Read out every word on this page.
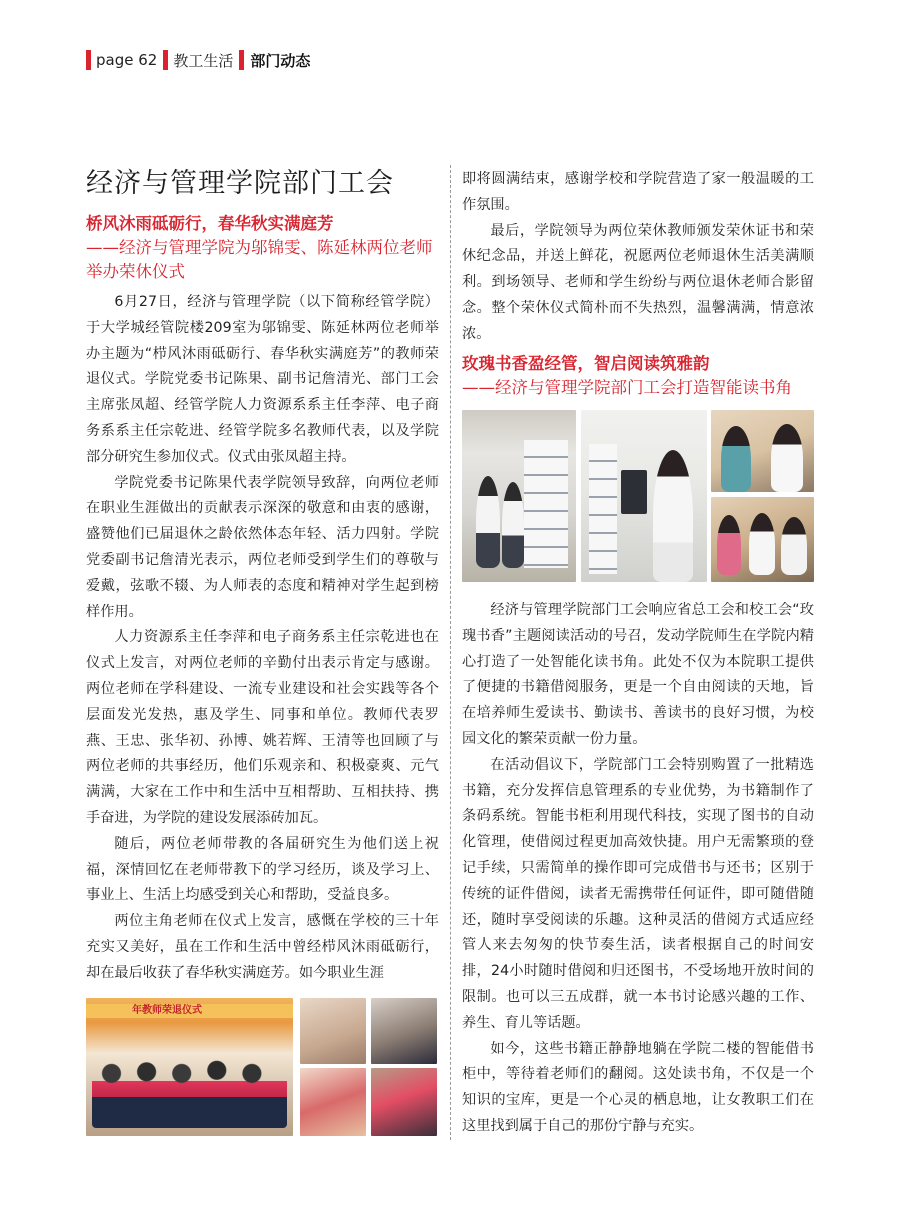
page 62 教工生活 部门动态
经济与管理学院部门工会
桥风沐雨砥砺行，春华秋实满庭芳
——经济与管理学院为邬锦雯、陈延林两位老师举办荣休仪式

6月27日，经济与管理学院（以下简称经管学院）于大学城经管院楼209室为邬锦雯、陈延林两位老师举办主题为“栉风沐雨砥砺行、春华秋实满庭芳”的教师荣退仪式。学院党委书记陈果、副书记詹清光、部门工会主席张凤超、经管学院人力资源系系主任李萍、电子商务系系主任宗乾进、经管学院多名教师代表，以及学院部分研究生参加仪式。仪式由张凤超主持。

学院党委书记陈果代表学院领导致辞，向两位老师在职业生涯做出的贡献表示深深的敬意和由衷的感谢，盛赞他们已届退休之龄依然体态年轻、活力四射。学院党委副书记詹清光表示，两位老师受到学生们的尊敬与爱戴，弦歌不辍、为人师表的态度和精神对学生起到榜样作用。

人力资源系主任李萍和电子商务系主任宗乾进也在仪式上发言，对两位老师的辛勤付出表示肯定与感谢。两位老师在学科建设、一流专业建设和社会实践等各个层面发光发热，惠及学生、同事和单位。教师代表罗燕、王忠、张华初、孙博、姚若辉、王清等也回顾了与两位老师的共事经历，他们乐观亲和、积极豪爽、元气满满，大家在工作中和生活中互相帮助、互相扶持、携手奋进，为学院的建设发展添砖加瓦。

随后，两位老师带教的各届研究生为他们送上祝福，深情回忆在老师带教下的学习经历，谈及学习上、事业上、生活上均感受到关心和帮助，受益良多。

两位主角老师在仪式上发言，感慨在学校的三十年充实又美好，虽在工作和生活中曾经栉风沐雨砥砺行，却在最后收获了春华秋实满庭芳。如今职业生涯

年教师荣退仪式

即将圆满结束，感谢学校和学院营造了家一般温暖的工作氛围。

最后，学院领导为两位荣休教师颁发荣休证书和荣休纪念品，并送上鲜花，祝愿两位老师退休生活美满顺利。到场领导、老师和学生纷纷与两位退休老师合影留念。整个荣休仪式简朴而不失热烈，温馨满满，情意浓浓。

玫瑰书香盈经管，智启阅读筑雅韵
——经济与管理学院部门工会打造智能读书角

经济与管理学院部门工会响应省总工会和校工会“玫瑰书香”主题阅读活动的号召，发动学院师生在学院内精心打造了一处智能化读书角。此处不仅为本院职工提供了便捷的书籍借阅服务，更是一个自由阅读的天地，旨在培养师生爱读书、勤读书、善读书的良好习惯，为校园文化的繁荣贡献一份力量。

在活动倡议下，学院部门工会特别购置了一批精选书籍，充分发挥信息管理系的专业优势，为书籍制作了条码系统。智能书柜利用现代科技，实现了图书的自动化管理，使借阅过程更加高效快捷。用户无需繁琐的登记手续，只需简单的操作即可完成借书与还书；区别于传统的证件借阅，读者无需携带任何证件，即可随借随还，随时享受阅读的乐趣。这种灵活的借阅方式适应经管人来去匆匆的快节奏生活，读者根据自己的时间安排，24小时随时借阅和归还图书，不受场地开放时间的限制。也可以三五成群，就一本书讨论感兴趣的工作、养生、育儿等话题。

如今，这些书籍正静静地躺在学院二楼的智能借书柜中，等待着老师们的翻阅。这处读书角，不仅是一个知识的宝库，更是一个心灵的栖息地，让女教职工们在这里找到属于自己的那份宁静与充实。
